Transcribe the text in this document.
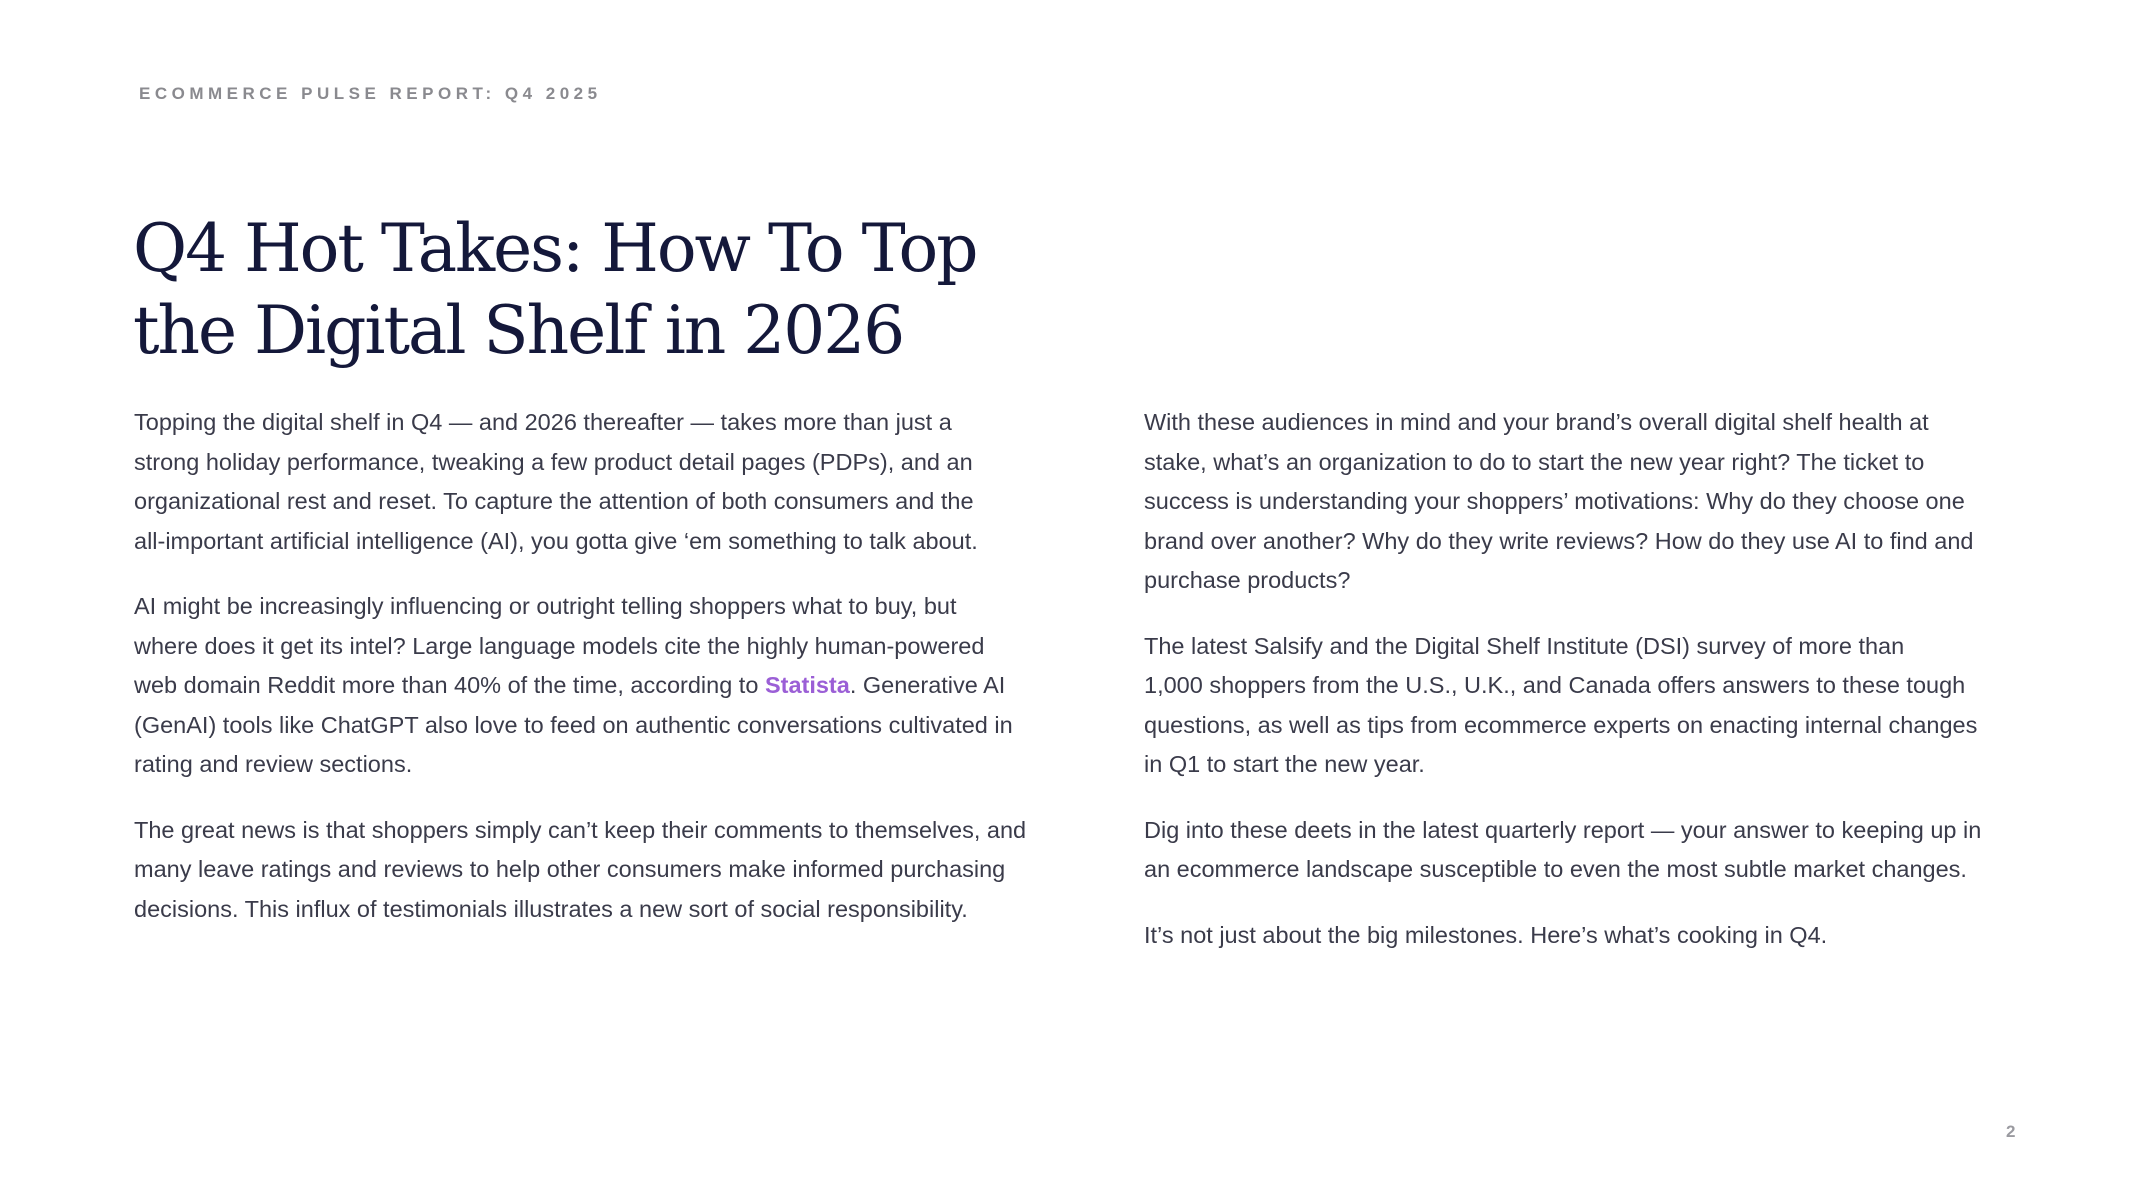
ECOMMERCE PULSE REPORT: Q4 2025
Q4 Hot Takes: How To Top
the Digital Shelf in 2026

Topping the digital shelf in Q4 — and 2026 thereafter — takes more than just a
strong holiday performance, tweaking a few product detail pages (PDPs), and an
organizational rest and reset. To capture the attention of both consumers and the
all-important artificial intelligence (AI), you gotta give ‘em something to talk about.

AI might be increasingly influencing or outright telling shoppers what to buy, but
where does it get its intel? Large language models cite the highly human-powered
web domain Reddit more than 40% of the time, according to Statista. Generative AI
(GenAI) tools like ChatGPT also love to feed on authentic conversations cultivated in
rating and review sections.

The great news is that shoppers simply can’t keep their comments to themselves, and
many leave ratings and reviews to help other consumers make informed purchasing
decisions. This influx of testimonials illustrates a new sort of social responsibility.

With these audiences in mind and your brand’s overall digital shelf health at
stake, what’s an organization to do to start the new year right? The ticket to
success is understanding your shoppers’ motivations: Why do they choose one
brand over another? Why do they write reviews? How do they use AI to find and
purchase products?

The latest Salsify and the Digital Shelf Institute (DSI) survey of more than
1,000 shoppers from the U.S., U.K., and Canada offers answers to these tough
questions, as well as tips from ecommerce experts on enacting internal changes
in Q1 to start the new year.

Dig into these deets in the latest quarterly report — your answer to keeping up in
an ecommerce landscape susceptible to even the most subtle market changes.

It’s not just about the big milestones. Here’s what’s cooking in Q4.

2
